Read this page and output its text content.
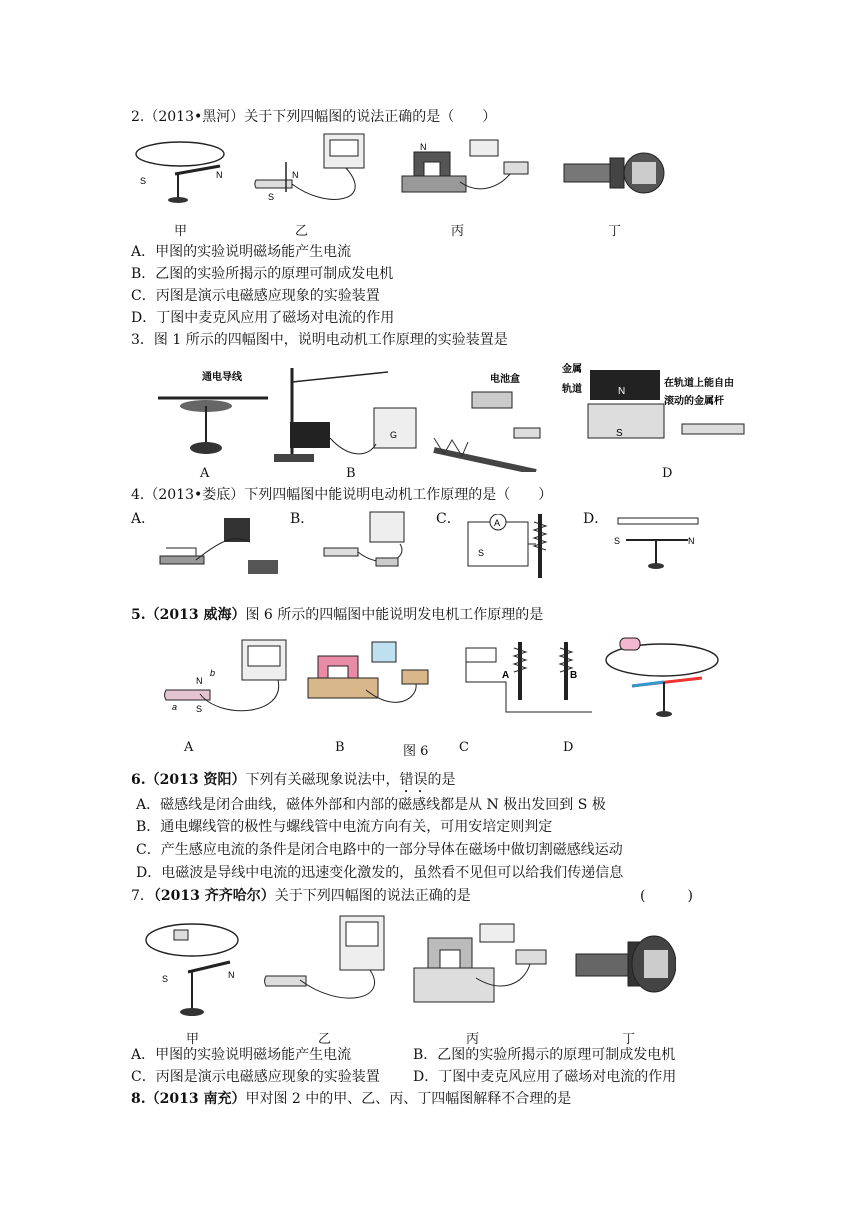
2.（2013•黑河）关于下列四幅图的说法正确的是（　　）
S
N	N
S
N
甲	乙	丙	丁
A．甲图的实验说明磁场能产生电流
B．乙图的实验所揭示的原理可制成发电机
C．丙图是演示电磁感应现象的实验装置
D．丁图中麦克风应用了磁场对电流的作用
3．图 1 所示的四幅图中，说明电动机工作原理的实验装置是
通电导线
G
电池盒
金属
轨道	N
S
在轨道上能自由
滚动的金属杆
A	B	D
4.（2013•娄底）下列四幅图中能说明电动机工作原理的是（　　）
A．	B．	C．	D．
A
S
S	N
5.（2013 威海）图 6 所示的四幅图中能说明发电机工作原理的是
N
S
a
b	A	B
A	B	图 6 C	D
6.（2013 资阳）下列有关磁现象说法中，错误的是
A．磁感线是闭合曲线，磁体外部和内部的磁感线都是从 N 极出发回到 S 极
B．通电螺线管的极性与螺线管中电流方向有关，可用安培定则判定
C．产生感应电流的条件是闭合电路中的一部分导体在磁场中做切割磁感线运动
D．电磁波是导线中电流的迅速变化激发的，虽然看不见但可以给我们传递信息
7．（2013 齐齐哈尔）关于下列四幅图的说法正确的是	(　　　)
S	N
甲	乙	丙	丁
A．甲图的实验说明磁场能产生电流	B．乙图的实验所揭示的原理可制成发电机
C．丙图是演示电磁感应现象的实验装置 D．丁图中麦克风应用了磁场对电流的作用
8.（2013 南充）甲对图 2 中的甲、乙、丙、丁四幅图解释不合理的是
